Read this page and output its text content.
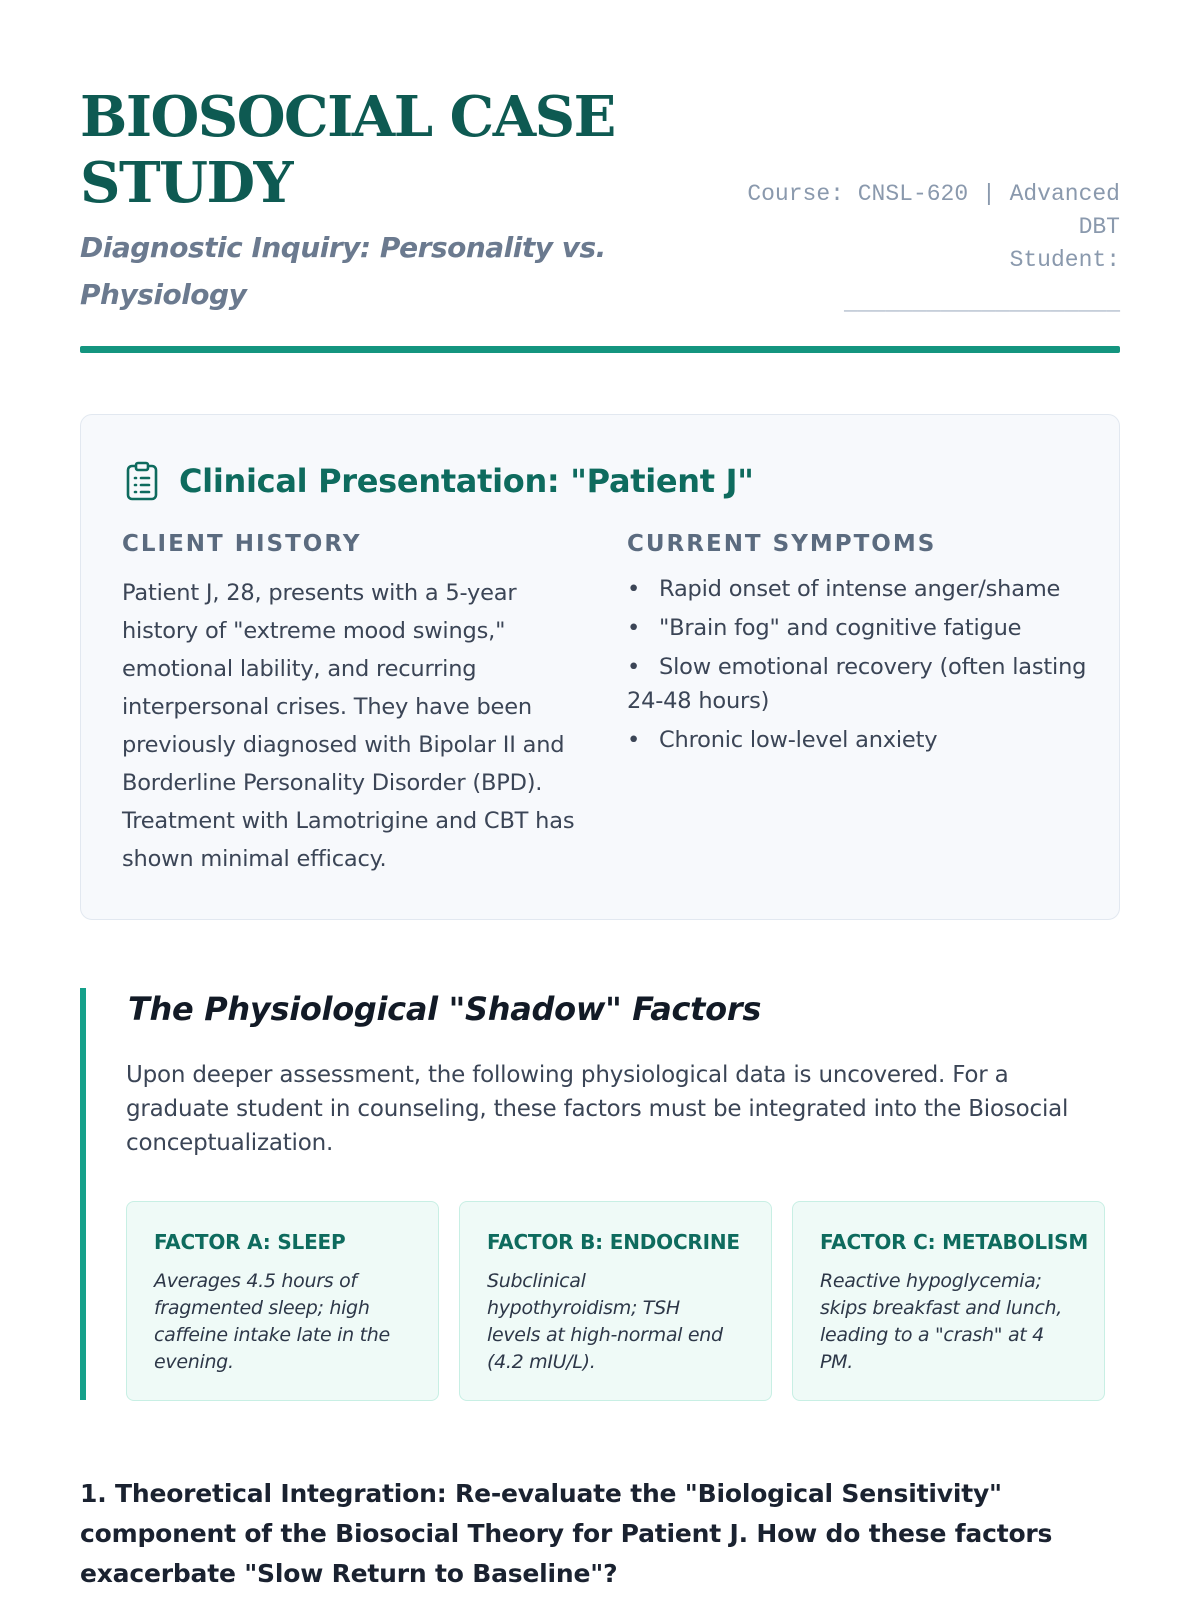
BIOSOCIAL CASE STUDY
Diagnostic Inquiry: Personality vs. Physiology
Course: CNSL-620 | Advanced
DBT
Student:
____________________
Clinical Presentation: "Patient J"
CLIENT HISTORY

Patient J, 28, presents with a 5-year history of "extreme mood swings," emotional lability, and recurring interpersonal crises. They have been previously diagnosed with Bipolar II and Borderline Personality Disorder (BPD). Treatment with Lamotrigine and CBT has shown minimal efficacy.

CURRENT SYMPTOMS
• Rapid onset of intense anger/shame
• "Brain fog" and cognitive fatigue
• Slow emotional recovery (often lasting 24-48 hours)
• Chronic low-level anxiety
The Physiological "Shadow" Factors

Upon deeper assessment, the following physiological data is uncovered. For a graduate student in counseling, these factors must be integrated into the Biosocial conceptualization.

FACTOR A: SLEEP
Averages 4.5 hours of fragmented sleep; high caffeine intake late in the evening.
FACTOR B: ENDOCRINE
Subclinical hypothyroidism; TSH levels at high-normal end (4.2 mIU/L).
FACTOR C: METABOLISM
Reactive hypoglycemia; skips breakfast and lunch, leading to a "crash" at 4 PM.
1. Theoretical Integration: Re-evaluate the "Biological Sensitivity" component of the Biosocial Theory for Patient J. How do these factors exacerbate "Slow Return to Baseline"?
